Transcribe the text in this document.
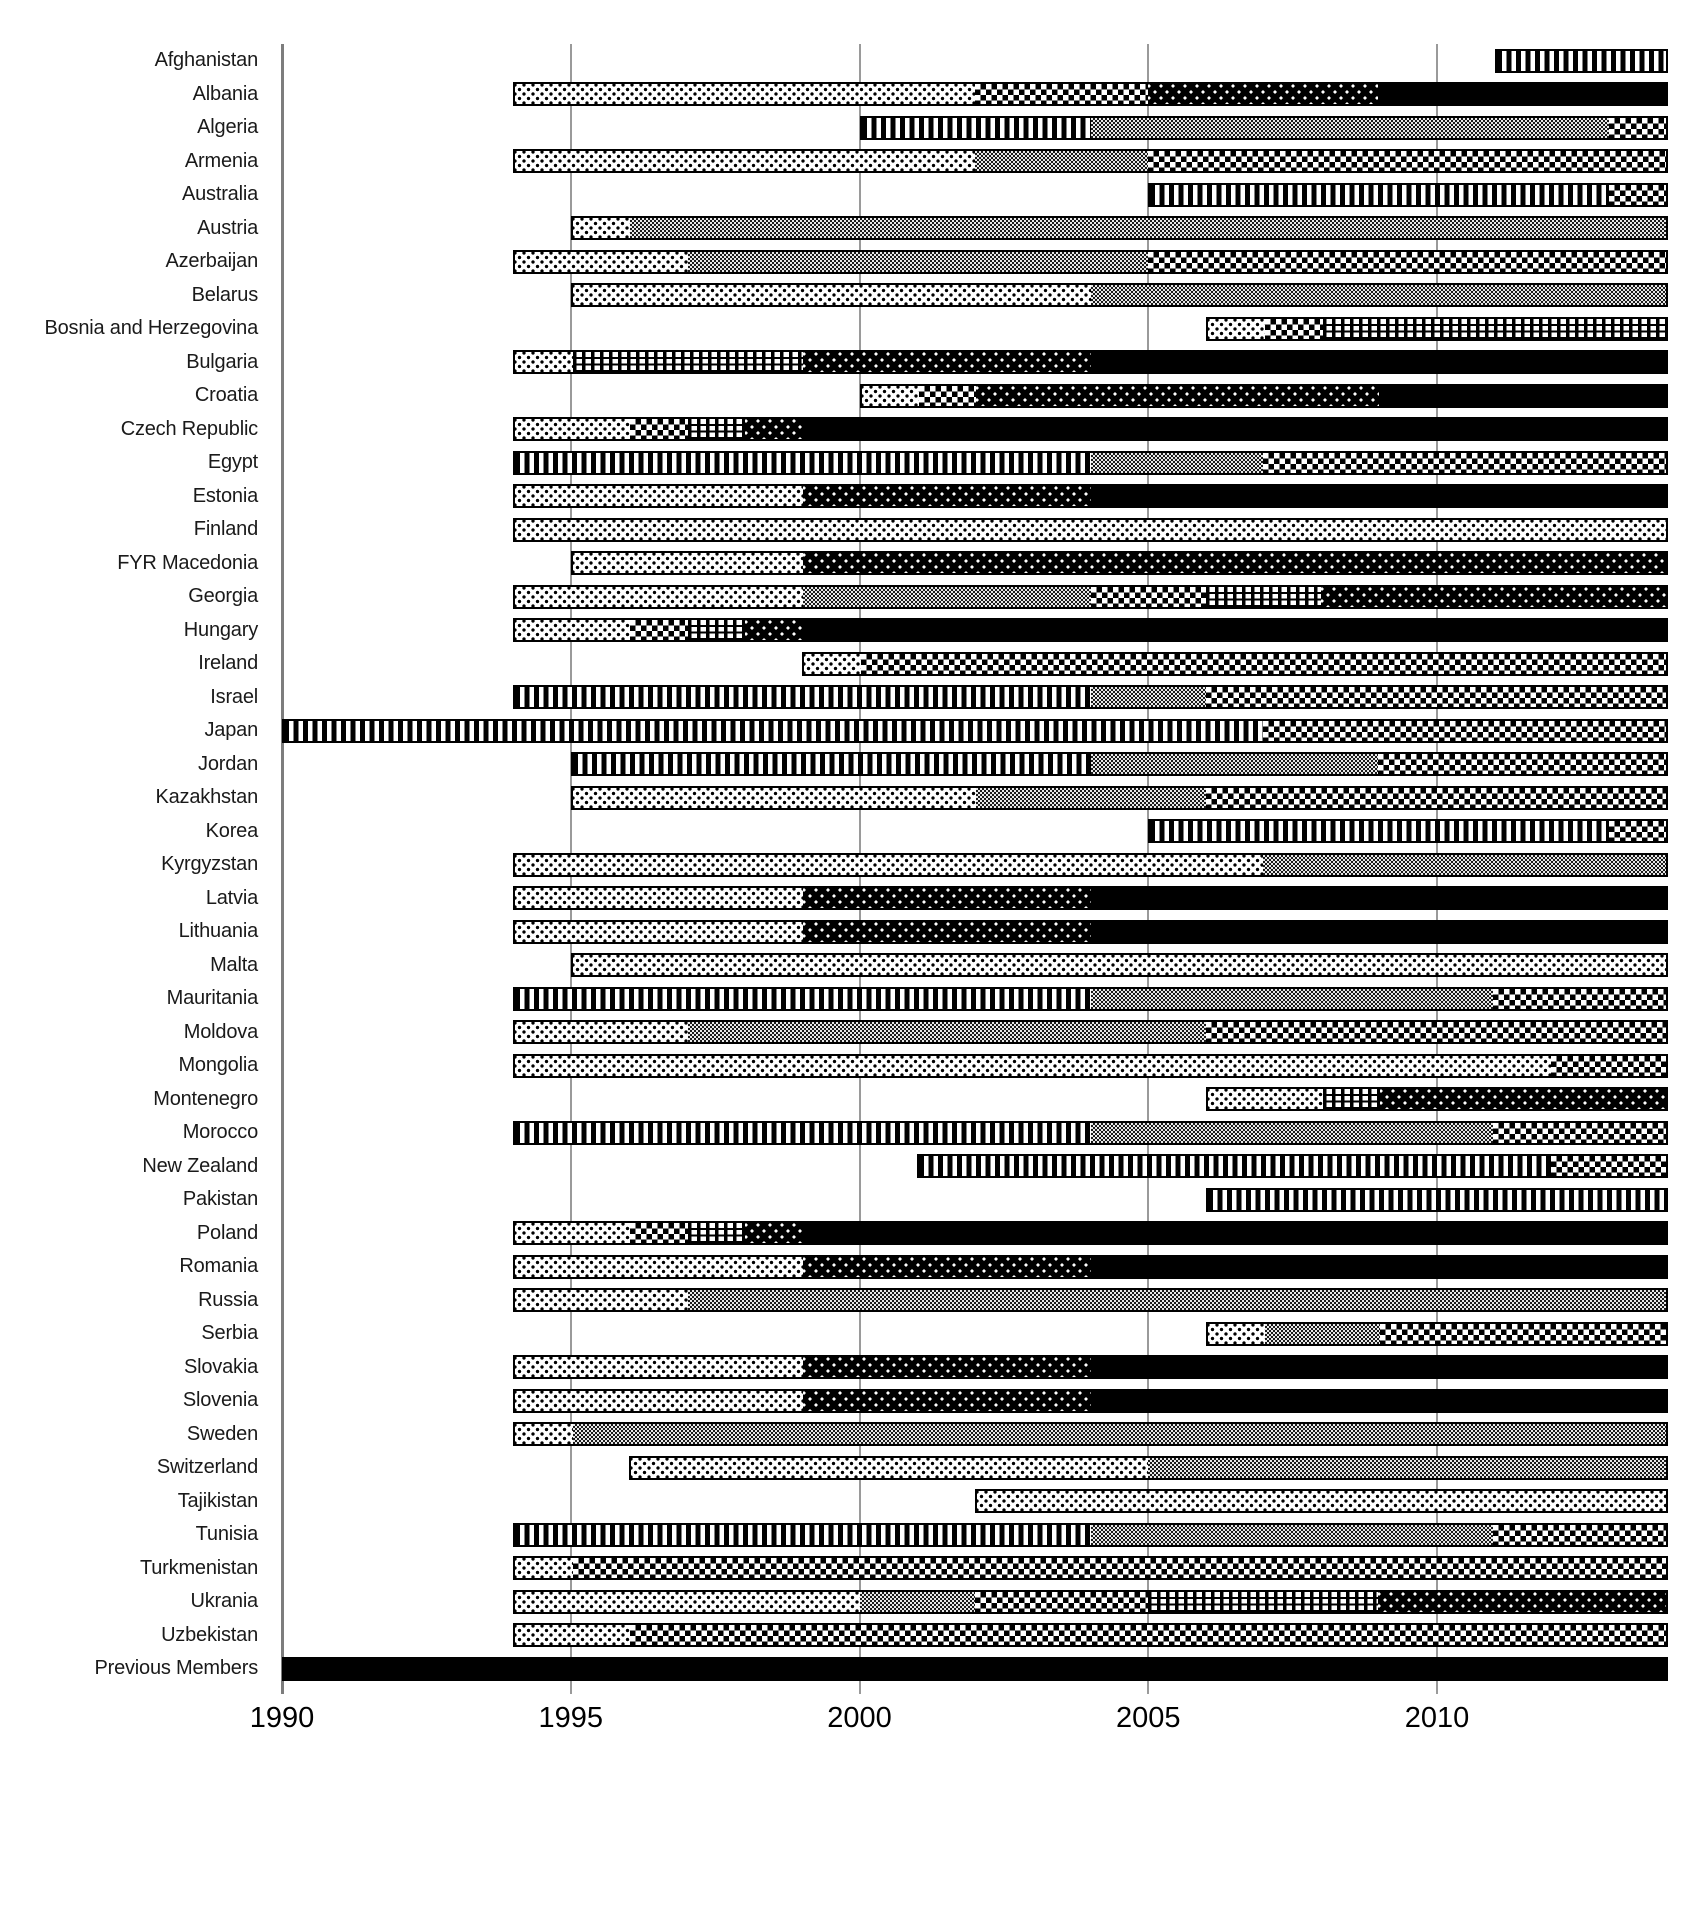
Afghanistan
Albania
Algeria
Armenia
Australia
Austria
Azerbaijan
Belarus
Bosnia and Herzegovina
Bulgaria
Croatia
Czech Republic
Egypt
Estonia
Finland
FYR Macedonia
Georgia
Hungary
Ireland
Israel
Japan
Jordan
Kazakhstan
Korea
Kyrgyzstan
Latvia
Lithuania
Malta
Mauritania
Moldova
Mongolia
Montenegro
Morocco
New Zealand
Pakistan
Poland
Romania
Russia
Serbia
Slovakia
Slovenia
Sweden
Switzerland
Tajikistan
Tunisia
Turkmenistan
Ukrania
Uzbekistan
Previous Members
1990	1995	2000	2005	2010
